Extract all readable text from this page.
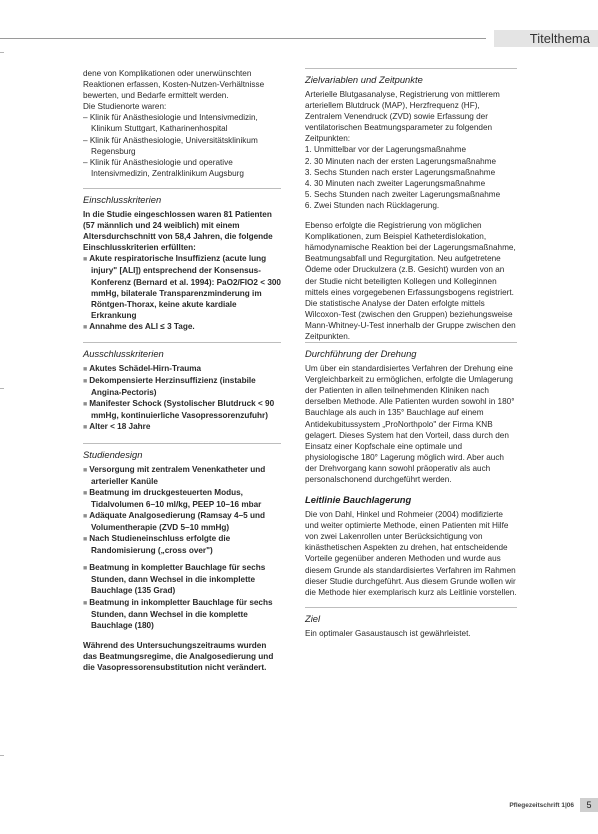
Titelthema

dene von Komplikationen oder unerwünschten Reaktionen erfassen, Kosten-Nutzen-Verhältnisse bewerten, und Bedarfe ermittelt werden.

Die Studienorte waren:

– Klinik für Anästhesiologie und Intensivmedizin, Klinikum Stuttgart, Katharinenhospital
– Klinik für Anästhesiologie, Universitätsklinikum Regensburg
– Klinik für Anästhesiologie und operative Intensivmedizin, Zentralklinikum Augsburg
Einschlusskriterien

In die Studie eingeschlossen waren 81 Patienten (57 männlich und 24 weiblich) mit einem Altersdurchschnitt von 58,4 Jahren, die folgende Einschlusskriterien erfüllten:

■ Akute respiratorische Insuffizienz (acute lung injury" [ALI]) entsprechend der Konsensus-Konferenz (Bernard et al. 1994): PaO2/FIO2 < 300 mmHg, bilaterale Transparenzminderung im Röntgen-Thorax, keine akute kardiale Erkrankung
■ Annahme des ALI ≤ 3 Tage.
Ausschlusskriterien
■ Akutes Schädel-Hirn-Trauma
■ Dekompensierte Herzinsuffizienz (instabile Angina-Pectoris)
■ Manifester Schock (Systolischer Blutdruck < 90 mmHg, kontinuierliche Vasopressorenzufuhr)
■ Alter < 18 Jahre
Studiendesign
■ Versorgung mit zentralem Venenkatheter und arterieller Kanüle
■ Beatmung im druckgesteuerten Modus, Tidalvolumen 6–10 ml/kg, PEEP 10–16 mbar
■ Adäquate Analgosedierung (Ramsay 4–5 und Volumentherapie (ZVD 5–10 mmHg)
■ Nach Studieneinschluss erfolgte die Randomisierung („cross over")
■ Beatmung in kompletter Bauchlage für sechs Stunden, dann Wechsel in die inkomplette Bauchlage (135 Grad)
■ Beatmung in inkompletter Bauchlage für sechs Stunden, dann Wechsel in die komplette Bauchlage (180)

Während des Untersuchungszeitraums wurden das Beatmungsregime, die Analgosedierung und die Vasopressorensubstitution nicht verändert.

Zielvariablen und Zeitpunkte

Arterielle Blutgasanalyse, Registrierung von mittlerem arteriellem Blutdruck (MAP), Herzfrequenz (HF), Zentralem Venendruck (ZVD) sowie Erfassung der ventilatorischen Beatmungsparameter zu folgenden Zeitpunkten:

1. Unmittelbar vor der Lagerungsmaßnahme
2. 30 Minuten nach der ersten Lagerungsmaßnahme
3. Sechs Stunden nach erster Lagerungsmaßnahme
4. 30 Minuten nach zweiter Lagerungsmaßnahme
5. Sechs Stunden nach zweiter Lagerungsmaßnahme
6. Zwei Stunden nach Rücklagerung.

Ebenso erfolgte die Registrierung von möglichen Komplikationen, zum Beispiel Katheterdislokation, hämodynamische Reaktion bei der Lagerungsmaßnahme, Beatmungsabfall und Regurgitation. Neu aufgetretene Ödeme oder Druckulzera (z.B. Gesicht) wurden von an der Studie nicht beteiligten Kollegen und Kolleginnen mittels eines vorgegebenen Erfassungsbogens registriert.

Die statistische Analyse der Daten erfolgte mittels Wilcoxon-Test (zwischen den Gruppen) beziehungsweise Mann-Whitney-U-Test innerhalb der Gruppe zwischen den Zeitpunkten.

Durchführung der Drehung

Um über ein standardisiertes Verfahren der Drehung eine Vergleichbarkeit zu ermöglichen, erfolgte die Umlagerung der Patienten in allen teilnehmenden Kliniken nach derselben Methode. Alle Patienten wurden sowohl in 180° Bauchlage als auch in 135° Bauchlage auf einem Antidekubitussystem „ProNorthpolo" der Firma KNB gelagert. Dieses System hat den Vorteil, dass durch den Einsatz einer Kopfschale eine optimale und physiologische 180° Lagerung möglich wird. Aber auch der Drehvorgang kann sowohl präoperativ als auch personalschonend durchgeführt werden.

Leitlinie Bauchlagerung

Die von Dahl, Hinkel und Rohmeier (2004) modifizierte und weiter optimierte Methode, einen Patienten mit Hilfe von zwei Lakenrollen unter Berücksichtigung von kinästhetischen Aspekten zu drehen, hat entscheidende Vorteile gegenüber anderen Methoden und wurde aus diesem Grunde als standardisiertes Verfahren im Rahmen dieser Studie durchgeführt. Aus diesem Grunde wollen wir die Methode hier exemplarisch kurz als Leitlinie vorstellen.

Ziel

Ein optimaler Gasaustausch ist gewährleistet.

Pflegezeitschrift 1|06	5
